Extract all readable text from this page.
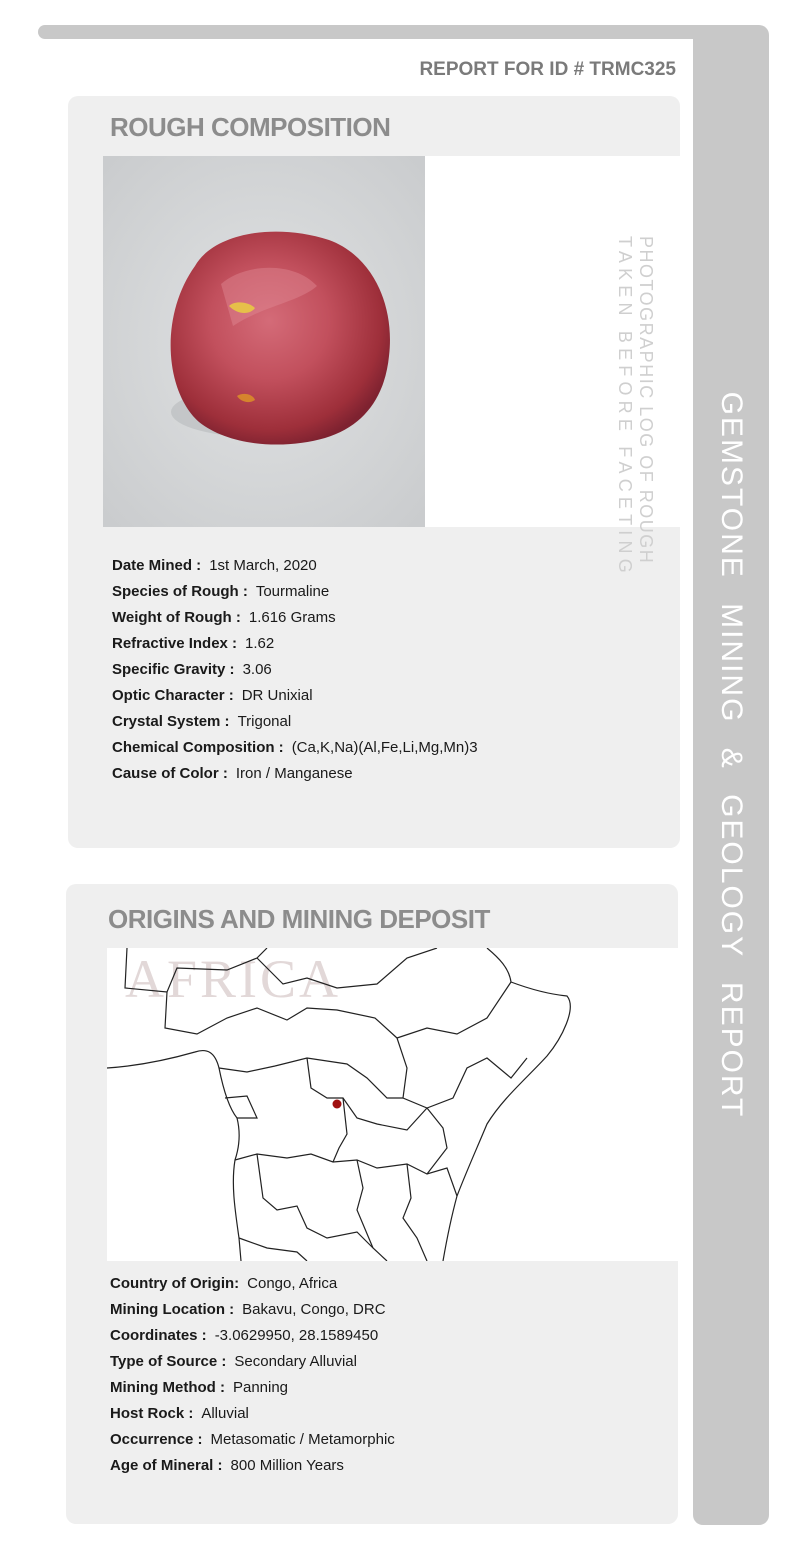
GEMSTONE MINING & GEOLOGY REPORT
REPORT FOR ID # TRMC325
ROUGH COMPOSITION
PHOTOGRAPHIC LOG OF ROUGH
TAKEN BEFORE FACETING
Date Mined : 1st March, 2020
Species of Rough : Tourmaline
Weight of Rough : 1.616 Grams
Refractive Index : 1.62
Specific Gravity : 3.06
Optic Character : DR Unixial
Crystal System : Trigonal
Chemical Composition : (Ca,K,Na)(Al,Fe,Li,Mg,Mn)3
Cause of Color : Iron / Manganese
ORIGINS AND MINING DEPOSIT
AFRICA
Country of Origin: Congo, Africa
Mining Location : Bakavu, Congo, DRC
Coordinates : -3.0629950, 28.1589450
Type of Source : Secondary Alluvial
Mining Method : Panning
Host Rock : Alluvial
Occurrence : Metasomatic / Metamorphic
Age of Mineral : 800 Million Years
